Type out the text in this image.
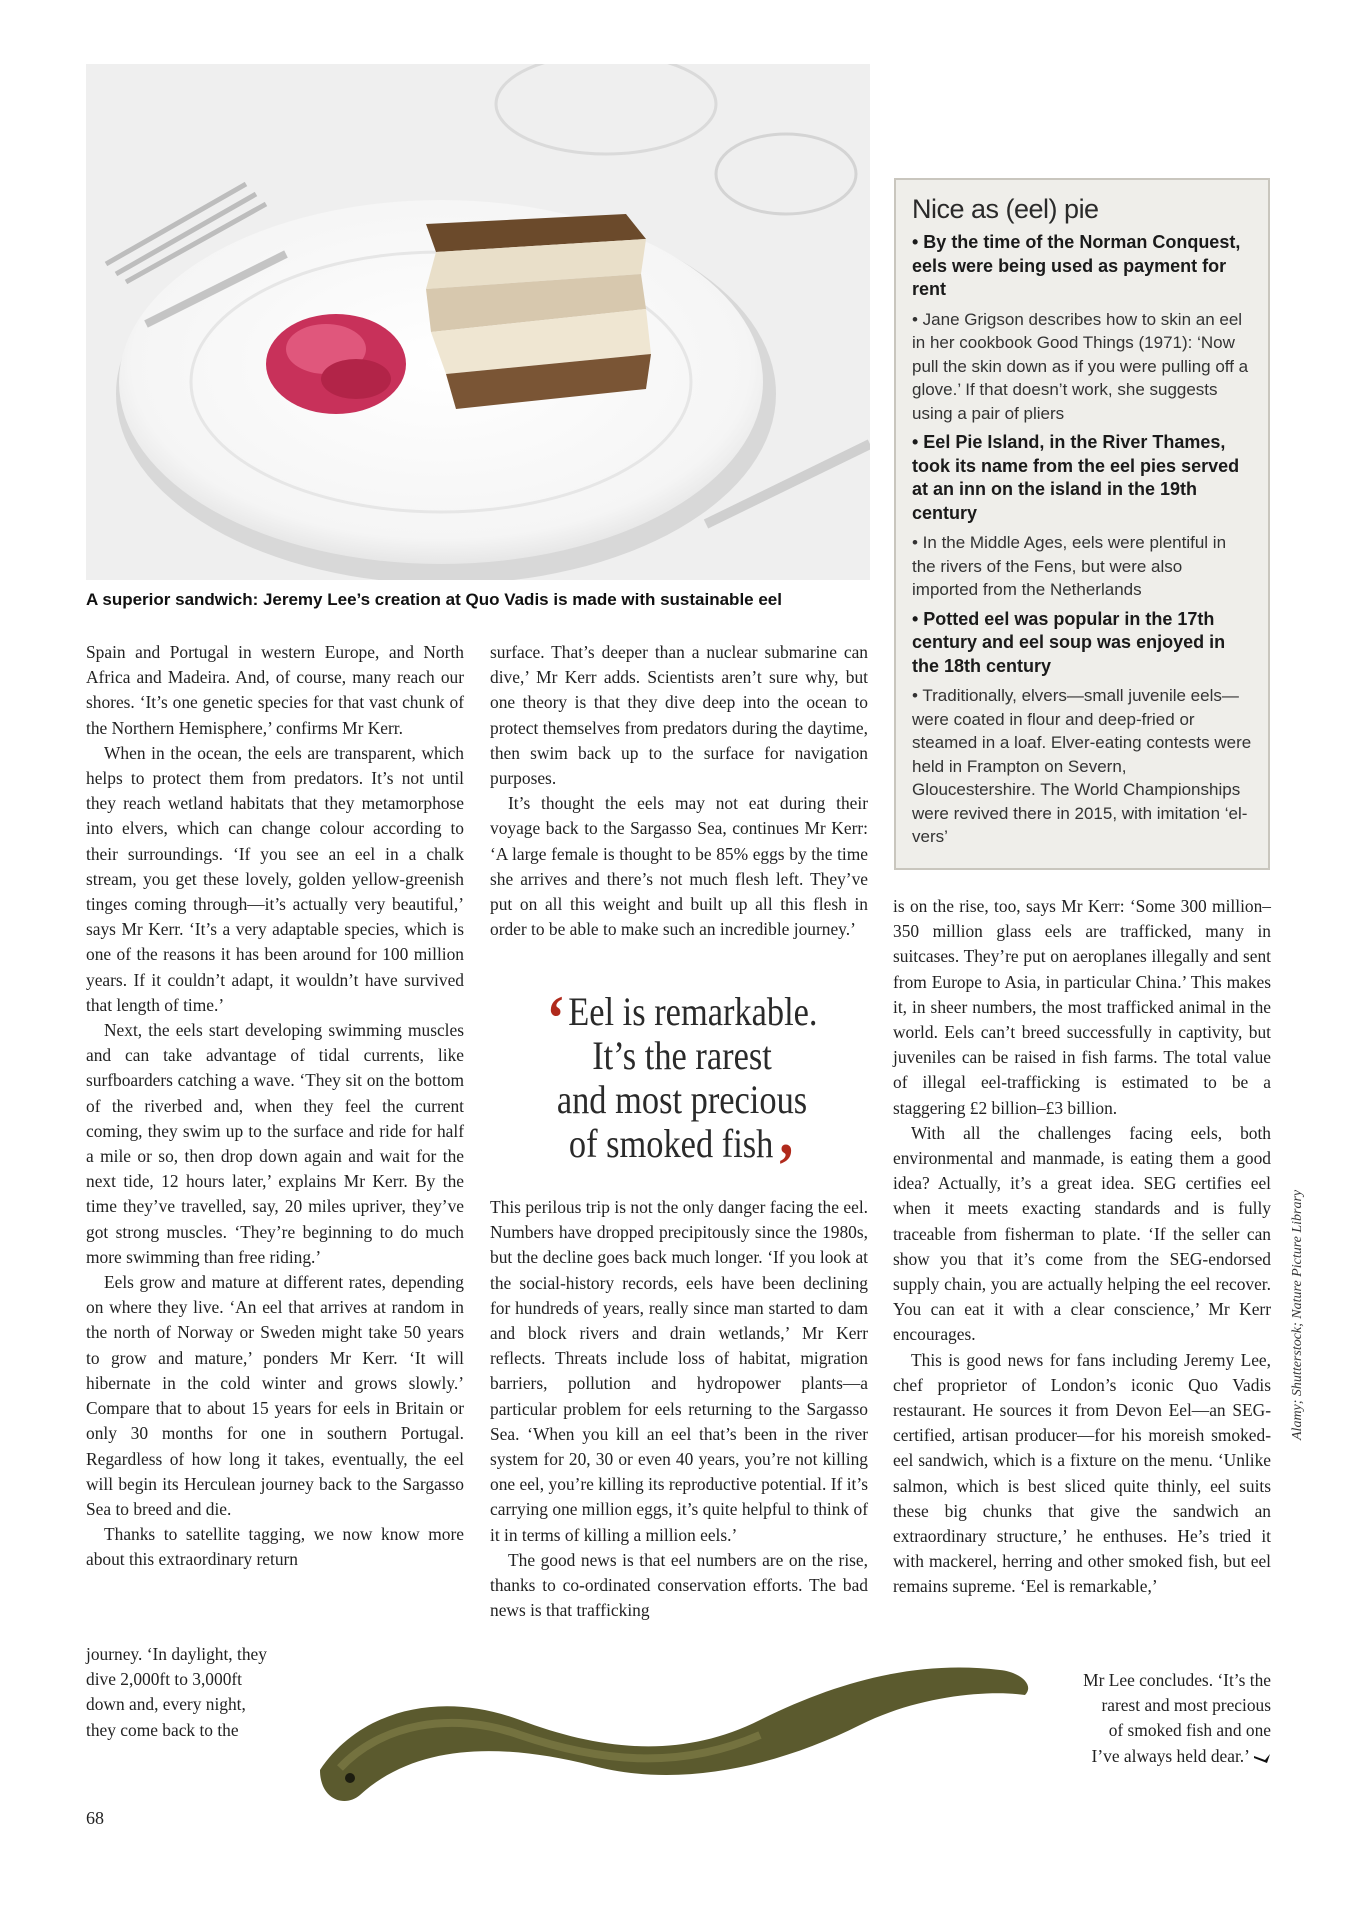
A superior sandwich: Jeremy Lee’s creation at Quo Vadis is made with sustainable eel

Spain and Portugal in western Europe, and North Africa and Madeira. And, of course, many reach our shores. ‘It’s one genetic species for that vast chunk of the Northern Hemisphere,’ confirms Mr Kerr.

When in the ocean, the eels are transparent, which helps to protect them from predators. It’s not until they reach wetland habitats that they metamorphose into elvers, which can change colour according to their surroundings. ‘If you see an eel in a chalk stream, you get these lovely, golden yellow-greenish tinges coming through—it’s actually very beautiful,’ says Mr Kerr. ‘It’s a very adaptable species, which is one of the reasons it has been around for 100 million years. If it couldn’t adapt, it wouldn’t have survived that length of time.’

Next, the eels start developing swimming muscles and can take advantage of tidal currents, like surfboarders catching a wave. ‘They sit on the bottom of the riverbed and, when they feel the current coming, they swim up to the surface and ride for half a mile or so, then drop down again and wait for the next tide, 12 hours later,’ explains Mr Kerr. By the time they’ve travelled, say, 20 miles upriver, they’ve got strong muscles. ‘They’re beginning to do much more swimming than free riding.’

Eels grow and mature at different rates, depending on where they live. ‘An eel that arrives at random in the north of Norway or Sweden might take 50 years to grow and mature,’ ponders Mr Kerr. ‘It will hibernate in the cold winter and grows slowly.’ Compare that to about 15 years for eels in Britain or only 30 months for one in southern Portugal. Regardless of how long it takes, eventually, the eel will begin its Herculean journey back to the Sargasso Sea to breed and die.

Thanks to satellite tagging, we now know more about this extraordinary return

journey. ‘In daylight, they
dive 2,000ft to 3,000ft
down and, every night,
they come back to the

surface. That’s deeper than a nuclear submarine can dive,’ Mr Kerr adds. Scientists aren’t sure why, but one theory is that they dive deep into the ocean to protect themselves from predators during the daytime, then swim back up to the surface for navigation purposes.

It’s thought the eels may not eat during their voyage back to the Sargasso Sea, continues Mr Kerr: ‘A large female is thought to be 85% eggs by the time she arrives and there’s not much flesh left. They’ve put on all this weight and built up all this flesh in order to be able to make such an incredible journey.’

‘Eel is remarkable.
It’s the rarest
and most precious
of smoked fish’

This perilous trip is not the only danger facing the eel. Numbers have dropped precipitously since the 1980s, but the decline goes back much longer. ‘If you look at the social-history records, eels have been declining for hundreds of years, really since man started to dam and block rivers and drain wetlands,’ Mr Kerr reflects. Threats include loss of habitat, migration barriers, pollution and hydropower plants—a particular problem for eels returning to the Sargasso Sea. ‘When you kill an eel that’s been in the river system for 20, 30 or even 40 years, you’re not killing one eel, you’re killing its reproductive potential. If it’s carrying one million eggs, it’s quite helpful to think of it in terms of killing a million eels.’

The good news is that eel numbers are on the rise, thanks to co-ordinated conservation efforts. The bad news is that trafficking

Nice as (eel) pie
• By the time of the Norman Conquest, eels were being used as payment for rent
• Jane Grigson describes how to skin an eel in her cookbook Good Things (1971): ‘Now pull the skin down as if you were pulling off a glove.’ If that doesn’t work, she suggests using a pair of pliers
• Eel Pie Island, in the River Thames, took its name from the eel pies served at an inn on the island in the 19th century
• In the Middle Ages, eels were plentiful in the rivers of the Fens, but were also imported from the Netherlands
• Potted eel was popular in the 17th century and eel soup was enjoyed in the 18th century
• Traditionally, elvers—small juvenile eels—were coated in flour and deep-fried or steamed in a loaf. Elver-eating contests were held in Frampton on Severn, Gloucestershire. The World Championships were revived there in 2015, with imitation ‘el-vers’

is on the rise, too, says Mr Kerr: ‘Some 300 million–350 million glass eels are trafficked, many in suitcases. They’re put on aeroplanes illegally and sent from Europe to Asia, in particular China.’ This makes it, in sheer numbers, the most trafficked animal in the world. Eels can’t breed successfully in captivity, but juveniles can be raised in fish farms. The total value of illegal eel-trafficking is estimated to be a staggering £2 billion–£3 billion.

With all the challenges facing eels, both environmental and manmade, is eating them a good idea? Actually, it’s a great idea. SEG certifies eel when it meets exacting standards and is fully traceable from fisherman to plate. ‘If the seller can show you that it’s come from the SEG-endorsed supply chain, you are actually helping the eel recover. You can eat it with a clear conscience,’ Mr Kerr encourages.

This is good news for fans including Jeremy Lee, chef proprietor of London’s iconic Quo Vadis restaurant. He sources it from Devon Eel—an SEG-certified, artisan producer—for his moreish smoked-eel sandwich, which is a fixture on the menu. ‘Unlike salmon, which is best sliced quite thinly, eel suits these big chunks that give the sandwich an extraordinary structure,’ he enthuses. He’s tried it with mackerel, herring and other smoked fish, but eel remains supreme. ‘Eel is remarkable,’

Mr Lee concludes. ‘It’s the
rarest and most precious
of smoked fish and one
I’ve always held dear.’
Alamy; Shutterstock; Nature Picture Library
68
